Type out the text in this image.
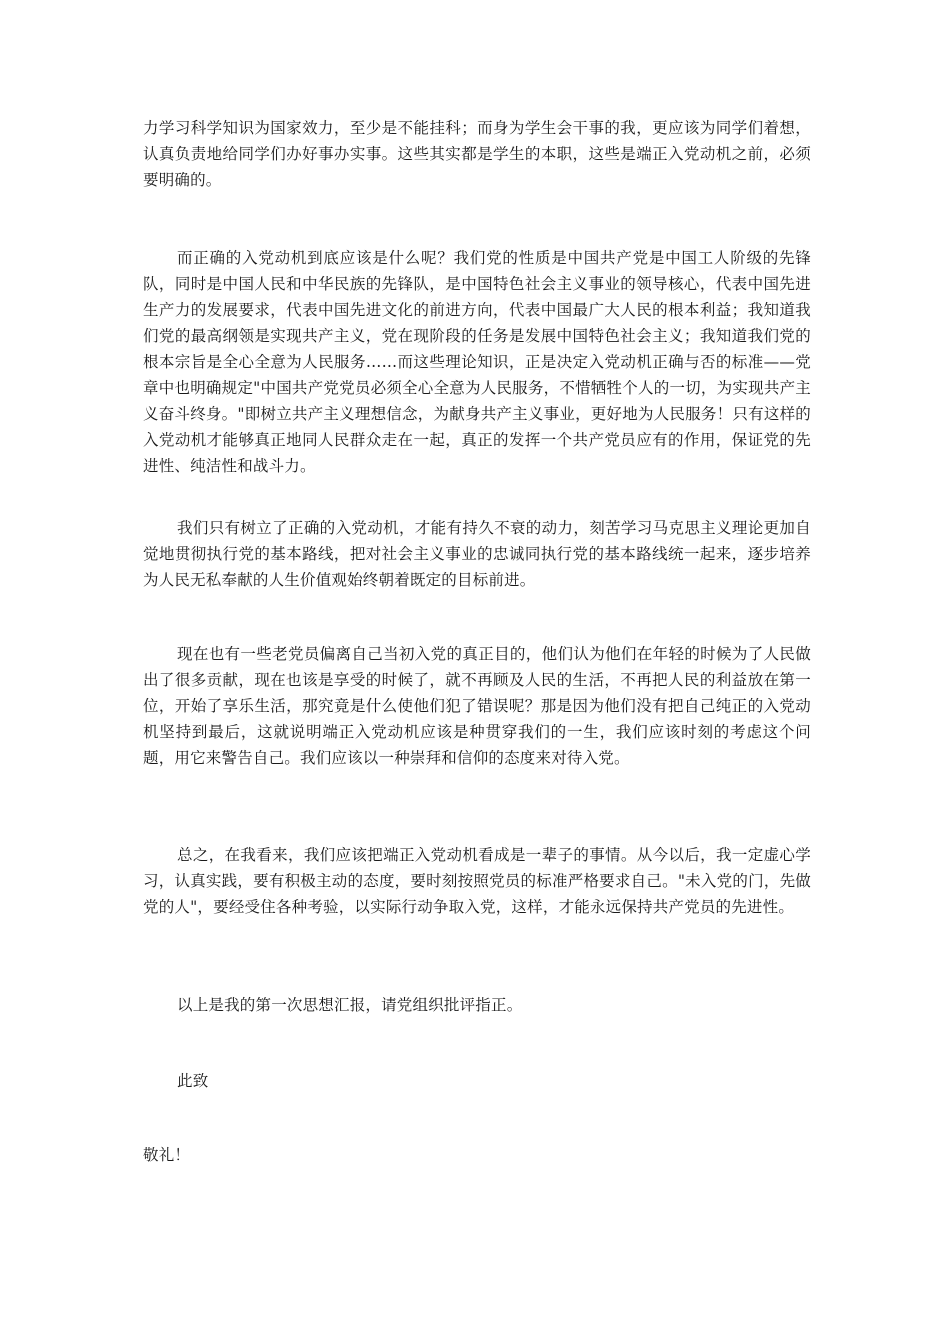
力学习科学知识为国家效力，至少是不能挂科；而身为学生会干事的我，更应该为同学们着想，认真负责地给同学们办好事办实事。这些其实都是学生的本职，这些是端正入党动机之前，必须要明确的。

而正确的入党动机到底应该是什么呢？我们党的性质是中国共产党是中国工人阶级的先锋队，同时是中国人民和中华民族的先锋队，是中国特色社会主义事业的领导核心，代表中国先进生产力的发展要求，代表中国先进文化的前进方向，代表中国最广大人民的根本利益；我知道我们党的最高纲领是实现共产主义，党在现阶段的任务是发展中国特色社会主义；我知道我们党的根本宗旨是全心全意为人民服务……而这些理论知识，正是决定入党动机正确与否的标准——党章中也明确规定"中国共产党党员必须全心全意为人民服务，不惜牺牲个人的一切，为实现共产主义奋斗终身。"即树立共产主义理想信念，为献身共产主义事业，更好地为人民服务！只有这样的入党动机才能够真正地同人民群众走在一起，真正的发挥一个共产党员应有的作用，保证党的先进性、纯洁性和战斗力。

我们只有树立了正确的入党动机，才能有持久不衰的动力，刻苦学习马克思主义理论更加自觉地贯彻执行党的基本路线，把对社会主义事业的忠诚同执行党的基本路线统一起来，逐步培养为人民无私奉献的人生价值观始终朝着既定的目标前进。

现在也有一些老党员偏离自己当初入党的真正目的，他们认为他们在年轻的时候为了人民做出了很多贡献，现在也该是享受的时候了，就不再顾及人民的生活，不再把人民的利益放在第一位，开始了享乐生活，那究竟是什么使他们犯了错误呢？那是因为他们没有把自己纯正的入党动机坚持到最后，这就说明端正入党动机应该是种贯穿我们的一生，我们应该时刻的考虑这个问题，用它来警告自己。我们应该以一种崇拜和信仰的态度来对待入党。

总之，在我看来，我们应该把端正入党动机看成是一辈子的事情。从今以后，我一定虚心学习，认真实践，要有积极主动的态度，要时刻按照党员的标准严格要求自己。"未入党的门，先做党的人"，要经受住各种考验，以实际行动争取入党，这样，才能永远保持共产党员的先进性。

以上是我的第一次思想汇报，请党组织批评指正。

此致

敬礼！
